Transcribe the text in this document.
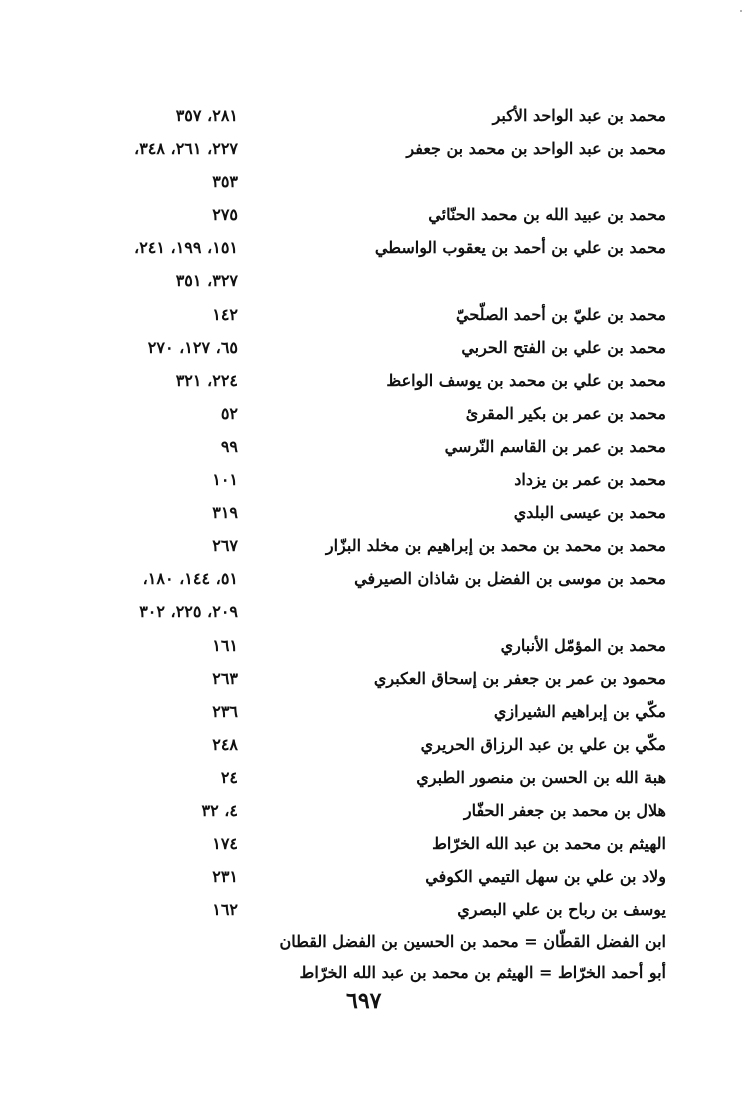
محمد بن عبد الواحد الأكبر
٢٨١، ٣٥٧
محمد بن عبد الواحد بن محمد بن جعفر
٢٢٧، ٢٦١، ٣٤٨،
٣٥٣
محمد بن عبيد الله بن محمد الحنّائي
٢٧٥
محمد بن علي بن أحمد بن يعقوب الواسطي
١٥١، ١٩٩، ٢٤١،
٣٢٧، ٣٥١
محمد بن عليّ بن أحمد الصلّحيّ
١٤٢
محمد بن علي بن الفتح الحربي
٦٥، ١٢٧، ٢٧٠
محمد بن علي بن محمد بن يوسف الواعظ
٢٢٤، ٣٢١
محمد بن عمر بن بكير المقرئ
٥٢
محمد بن عمر بن القاسم النّرسي
٩٩
محمد بن عمر بن يزداد
١٠١
محمد بن عيسى البلدي
٣١٩
محمد بن محمد بن محمد بن إبراهيم بن مخلد البزّار
٢٦٧
محمد بن موسى بن الفضل بن شاذان الصيرفي
٥١، ١٤٤، ١٨٠،
٢٠٩، ٢٢٥، ٣٠٢
محمد بن المؤمّل الأنباري
١٦١
محمود بن عمر بن جعفر بن إسحاق العكبري
٢٦٣
مكّي بن إبراهيم الشيرازي
٢٣٦
مكّي بن علي بن عبد الرزاق الحريري
٢٤٨
هبة الله بن الحسن بن منصور الطبري
٢٤
هلال بن محمد بن جعفر الحفّار
٤، ٣٢
الهيثم بن محمد بن عبد الله الخرّاط
١٧٤
ولاد بن علي بن سهل التيمي الكوفي
٢٣١
يوسف بن رباح بن علي البصري
١٦٢
ابن الفضل القطّان = محمد بن الحسين بن الفضل القطان
أبو أحمد الخرّاط = الهيثم بن محمد بن عبد الله الخرّاط
٦٩٧
